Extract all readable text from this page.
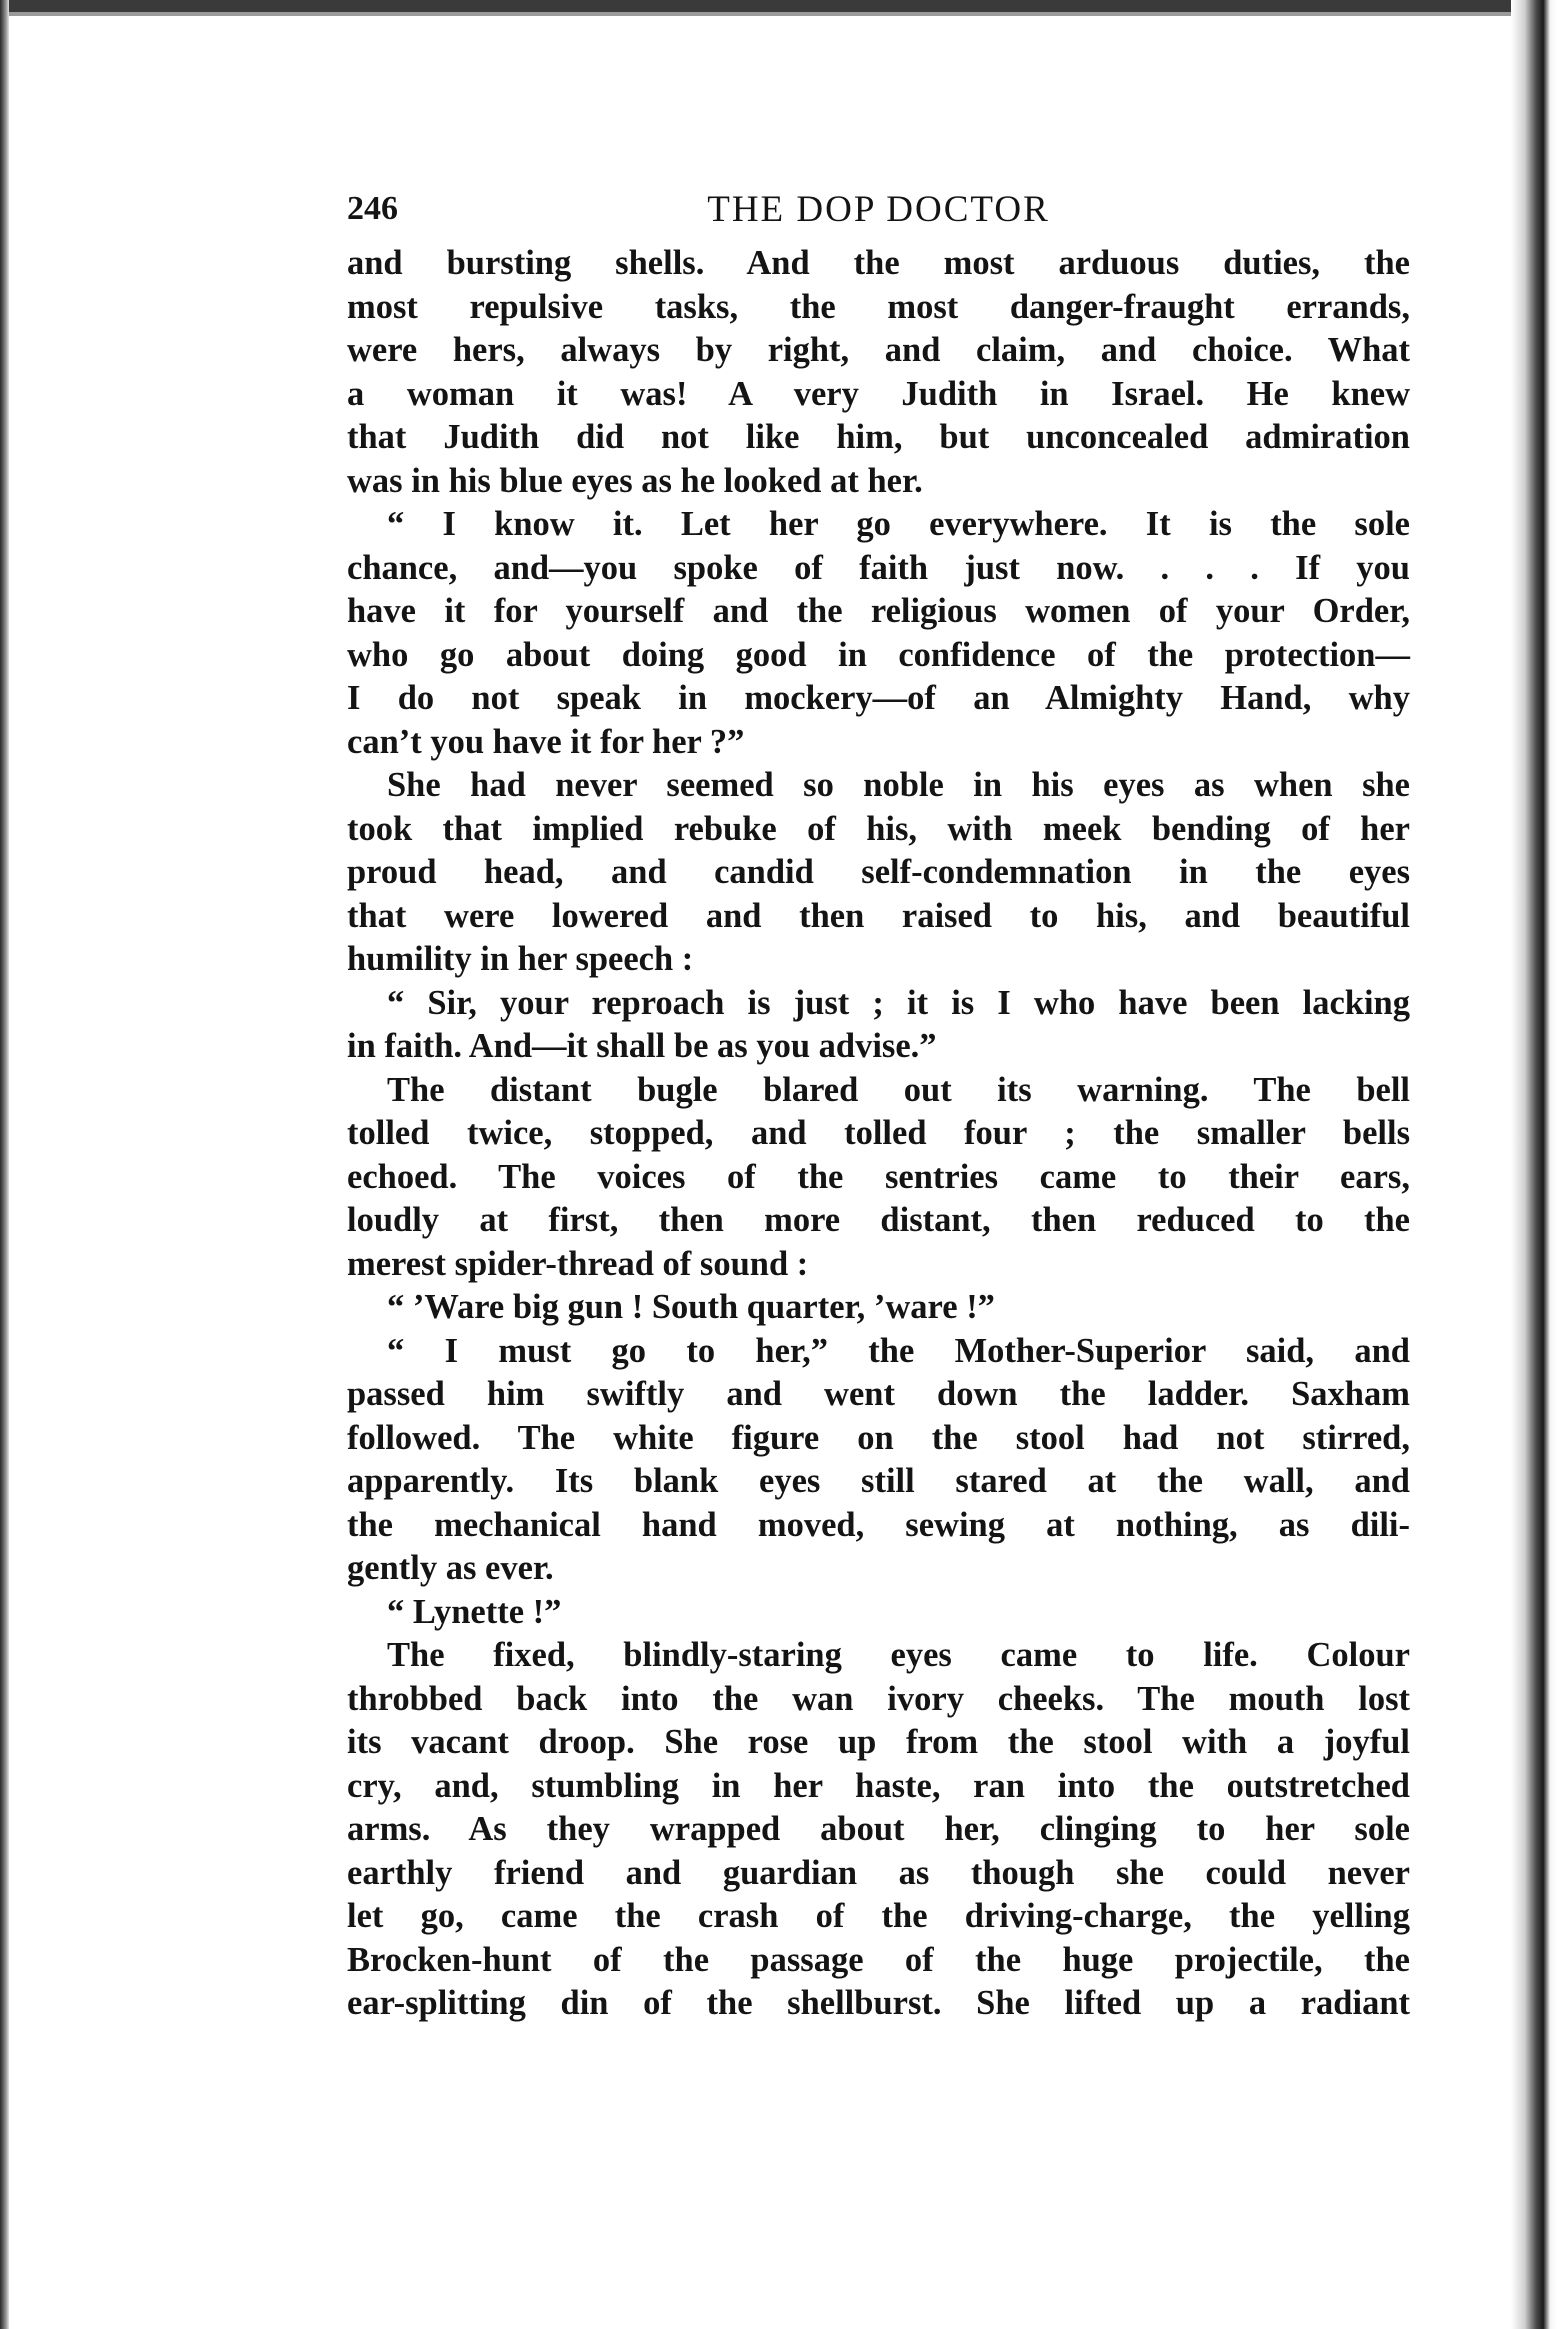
246	THE DOP DOCTOR
and bursting shells. And the most arduous duties, the
most repulsive tasks, the most danger-fraught errands,
were hers, always by right, and claim, and choice. What
a woman it was! A very Judith in Israel. He knew
that Judith did not like him, but unconcealed admiration
was in his blue eyes as he looked at her.
“ I know it. Let her go everywhere. It is the sole
chance, and—you spoke of faith just now. . . . If you
have it for yourself and the religious women of your Order,
who go about doing good in confidence of the protection—
I do not speak in mockery—of an Almighty Hand, why
can’t you have it for her ?”
She had never seemed so noble in his eyes as when she
took that implied rebuke of his, with meek bending of her
proud head, and candid self-condemnation in the eyes
that were lowered and then raised to his, and beautiful
humility in her speech :
“ Sir, your reproach is just ; it is I who have been lacking
in faith. And—it shall be as you advise.”
The distant bugle blared out its warning. The bell
tolled twice, stopped, and tolled four ; the smaller bells
echoed. The voices of the sentries came to their ears,
loudly at first, then more distant, then reduced to the
merest spider-thread of sound :
“ ’Ware big gun ! South quarter, ’ware !”
“ I must go to her,” the Mother-Superior said, and
passed him swiftly and went down the ladder. Saxham
followed. The white figure on the stool had not stirred,
apparently. Its blank eyes still stared at the wall, and
the mechanical hand moved, sewing at nothing, as dili-
gently as ever.
“ Lynette !”
The fixed, blindly-staring eyes came to life. Colour
throbbed back into the wan ivory cheeks. The mouth lost
its vacant droop. She rose up from the stool with a joyful
cry, and, stumbling in her haste, ran into the outstretched
arms. As they wrapped about her, clinging to her sole
earthly friend and guardian as though she could never
let go, came the crash of the driving-charge, the yelling
Brocken-hunt of the passage of the huge projectile, the
ear-splitting din of the shellburst. She lifted up a radiant
